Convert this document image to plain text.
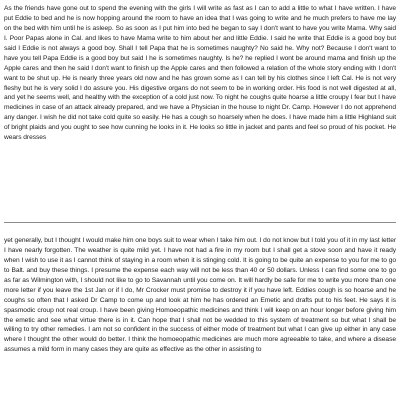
As the friends have gone out to spend the evening with the girls I will write as fast as I can to add a little to what I have written. I have put Eddie to bed and he is now hopping around the room to have an idea that I was going to write and he much prefers to have me lay on the bed with him until he is asleep. So as soon as I put him into bed he began to say I don't want to have you write Mama. Why said I. Poor Papas alone in Cal. and likes to have Mama write to him about her and little Eddie. I said he write that Eddie is a good boy but said I Eddie is not always a good boy. Shall I tell Papa that he is sometimes naughty? No said he. Why not? Because I don't want to have you tell Papa Eddie is a good boy but said I he is sometimes naughty. Is he? he replied I wont be around mama and finish up the Apple cares and then he said I don't want to finish up the Apple cares and then followed a relation of the whole story ending with I don't want to be shut up. He is nearly three years old now and he has grown some as I can tell by his clothes since I left Cal. He is not very fleshy but he is very solid I do assure you. His digestive organs do not seem to be in working order. His food is not well digested at all, and yet he seems well, and healthy with the exception of a cold just now. To night he coughs quite hoarse a little croupy I fear but I have medicines in case of an attack already prepared, and we have a Physician in the house to night Dr. Camp. However I do not apprehend any danger. I wish he did not take cold quite so easily. He has a cough so hoarsely when he does. I have made him a little Highland suit of bright plaids and you ought to see how cunning he looks in it. He looks so little in jacket and pants and feel so proud of his pocket. He wears dresses

yet generally, but I thought I would make him one boys suit to wear when I take him out. I do not know but I told you of it in my last letter I have nearly forgotten. The weather is quite mild yet. I have not had a fire in my room but I shall get a stove soon and have it ready when I wish to use it as I cannot think of staying in a room when it is stinging cold. It is going to be quite an expense to you for me to go to Balt. and buy these things. I presume the expense each way will not be less than 40 or 50 dollars. Unless I can find some one to go as far as Wilmington with, I should not like to go to Savannah until you come on. It will hardly be safe for me to write you more than one more letter if you leave the 1st Jan or if I do, Mr Crocker must promise to destroy it if you have left. Eddies cough is so hoarse and he coughs so often that I asked Dr Camp to come up and look at him he has ordered an Emetic and drafts put to his feet. He says it is spasmodic croup not real croup. I have been giving Homoeopathic medicines and think I will keep on an hour longer before giving him the emetic and see what virtue there is in it. Can hope that I shall not be wedded to this system of treatment so but what I shall be willing to try other remedies. I am not so confident in the success of either mode of treatment but what I can give up either in any case where I thought the other would do better. I think the homoeopathic medicines are much more agreeable to take, and where a disease assumes a mild form in many cases they are quite as effective as the other in assisting to
